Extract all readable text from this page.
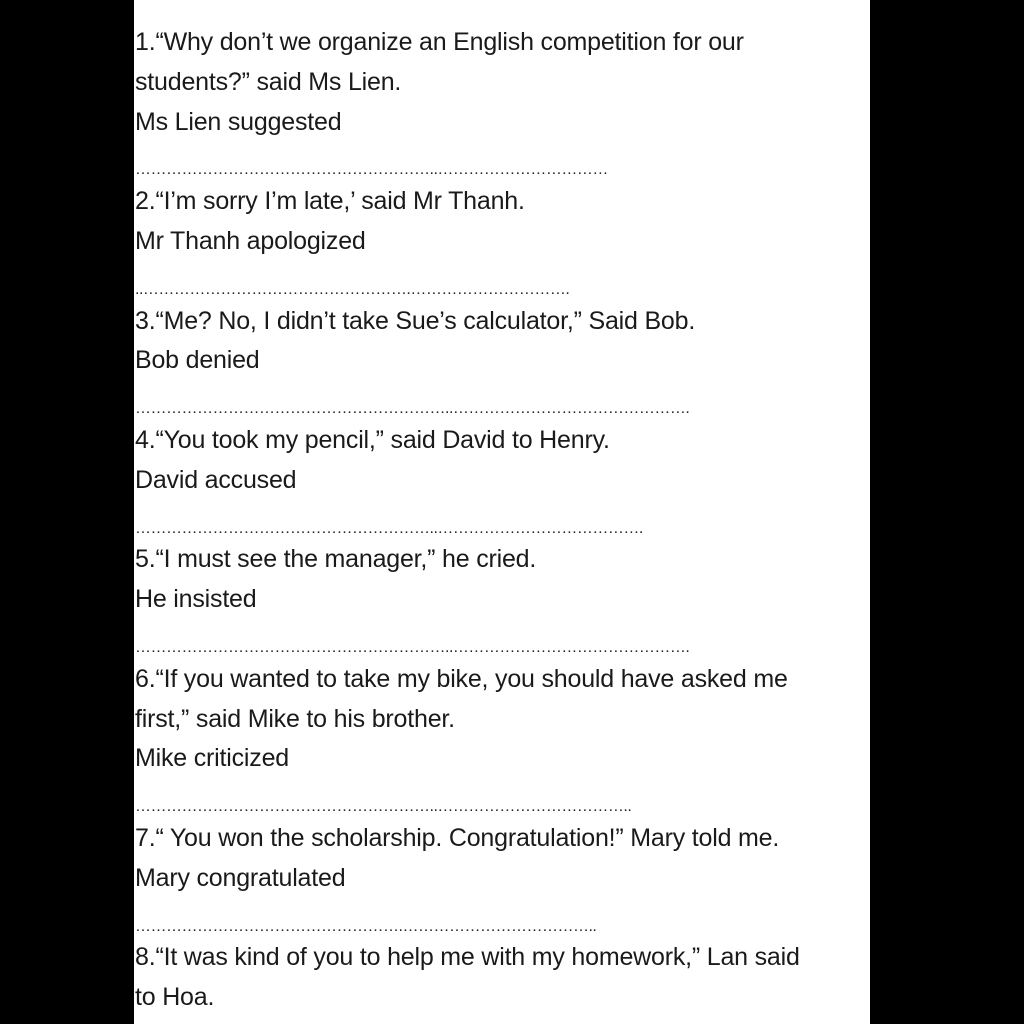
1.“Why don’t we organize an English competition for our
students?” said Ms Lien.
Ms Lien suggested
…………………………………………………..……………………………
2.“I’m sorry I’m late,’ said Mr Thanh.
Mr Thanh apologized
..…………………………………………….………………………….
3.“Me? No, I didn’t take Sue’s calculator,” Said Bob.
Bob denied
……………………………………………………..……………………………………….
4.“You took my pencil,” said David to Henry.
David accused
…………………………………………………..………………………………….
5.“I must see the manager,” he cried.
He insisted
……………………………………………………..……………………………………….
6.“If you wanted to take my bike, you should have asked me
first,” said Mike to his brother.
Mike criticized
…………………………………………………..………………………………..
7.“ You won the scholarship. Congratulation!” Mary told me.
Mary congratulated
…………………………………………….………………………………..
8.“It was kind of you to help me with my homework,” Lan said
to Hoa.
